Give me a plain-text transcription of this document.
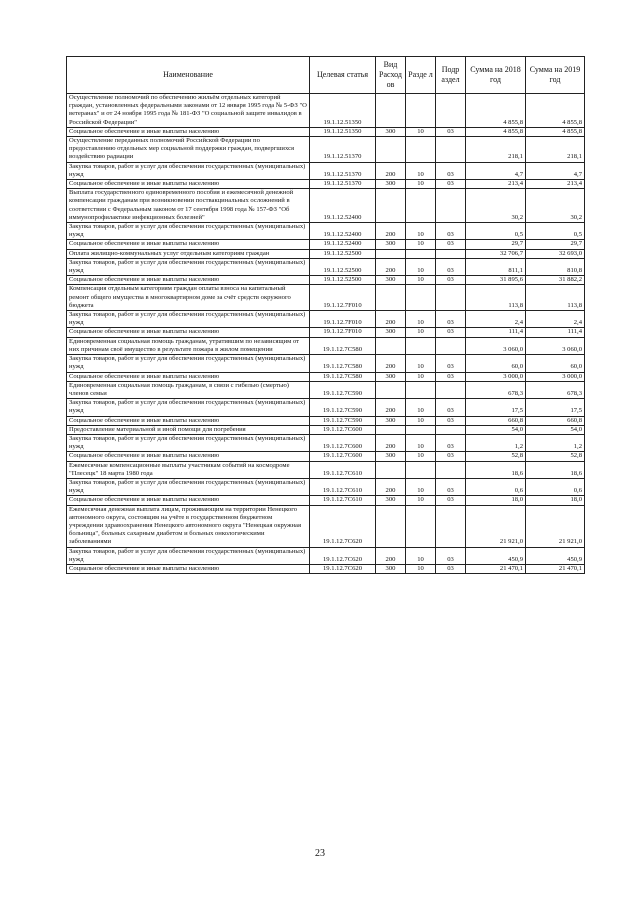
Наименование	Целевая статья	Вид Расход ов	Разде л	Подр аздел	Сумма на 2018 год	Сумма на 2019 год
Осуществление полномочий по обеспечению жильём отдельных категорий граждан, установленных федеральными законами от 12 января 1995 года № 5-ФЗ "О ветеранах" и от 24 ноября 1995 года № 181-ФЗ "О социальной защите инвалидов в Российской Федерации"	19.1.12.51350				4 855,8	4 855,8
Социальное обеспечение и иные выплаты населению	19.1.12.51350	300	10	03	4 855,8	4 855,8
Осуществление переданных полномочий Российской Федерации по предоставлению отдельных мер социальной поддержки граждан, подвергшихся воздействию радиации	19.1.12.51370				218,1	218,1
Закупка товаров, работ и услуг для обеспечения государственных (муниципальных) нужд	19.1.12.51370	200	10	03	4,7	4,7
Социальное обеспечение и иные выплаты населению	19.1.12.51370	300	10	03	213,4	213,4
Выплата государственного единовременного пособия и ежемесячной денежной компенсации гражданам при возникновении поствакцинальных осложнений в соответствии с Федеральным законом от 17 сентября 1998 года № 157-ФЗ "Об иммунопрофилактике инфекционных болезней"	19.1.12.52400				30,2	30,2
Закупка товаров, работ и услуг для обеспечения государственных (муниципальных) нужд	19.1.12.52400	200	10	03	0,5	0,5
Социальное обеспечение и иные выплаты населению	19.1.12.52400	300	10	03	29,7	29,7
Оплата жилищно-коммунальных услуг отдельным категориям граждан	19.1.12.52500				32 706,7	32 693,0
Закупка товаров, работ и услуг для обеспечения государственных (муниципальных) нужд	19.1.12.52500	200	10	03	811,1	810,8
Социальное обеспечение и иные выплаты населению	19.1.12.52500	300	10	03	31 895,6	31 882,2
Компенсация отдельным категориям граждан оплаты взноса на капитальный ремонт общего имущества в многоквартирном доме за счёт средств окружного бюджета	19.1.12.7F010				113,8	113,8
Закупка товаров, работ и услуг для обеспечения государственных (муниципальных) нужд	19.1.12.7F010	200	10	03	2,4	2,4
Социальное обеспечение и иные выплаты населению	19.1.12.7F010	300	10	03	111,4	111,4
Единовременная социальная помощь гражданам, утратившим по независящим от них причинам своё имущество в результате пожара в жилом помещении	19.1.12.7C580				3 060,0	3 060,0
Закупка товаров, работ и услуг для обеспечения государственных (муниципальных) нужд	19.1.12.7C580	200	10	03	60,0	60,0
Социальное обеспечение и иные выплаты населению	19.1.12.7C580	300	10	03	3 000,0	3 000,0
Единовременная социальная помощь гражданам, в связи с гибелью (смертью) членов семьи	19.1.12.7C590				678,3	678,3
Закупка товаров, работ и услуг для обеспечения государственных (муниципальных) нужд	19.1.12.7C590	200	10	03	17,5	17,5
Социальное обеспечение и иные выплаты населению	19.1.12.7C590	300	10	03	660,8	660,8
Предоставление материальной и иной помощи для погребения	19.1.12.7C600				54,0	54,0
Закупка товаров, работ и услуг для обеспечения государственных (муниципальных) нужд	19.1.12.7C600	200	10	03	1,2	1,2
Социальное обеспечение и иные выплаты населению	19.1.12.7C600	300	10	03	52,8	52,8
Ежемесячные компенсационные выплаты участникам событий на космодроме "Плесецк" 18 марта 1980 года	19.1.12.7C610				18,6	18,6
Закупка товаров, работ и услуг для обеспечения государственных (муниципальных) нужд	19.1.12.7C610	200	10	03	0,6	0,6
Социальное обеспечение и иные выплаты населению	19.1.12.7C610	300	10	03	18,0	18,0
Ежемесячная денежная выплата лицам, проживающим на территории Ненецкого автономного округа, состоящим на учёте в государственном бюджетном учреждении здравоохранения Ненецкого автономного округа "Ненецкая окружная больница", больных сахарным диабетом и больных онкологическими заболеваниями	19.1.12.7C620				21 921,0	21 921,0
Закупка товаров, работ и услуг для обеспечения государственных (муниципальных) нужд	19.1.12.7C620	200	10	03	450,9	450,9
Социальное обеспечение и иные выплаты населению	19.1.12.7C620	300	10	03	21 470,1	21 470,1
23
